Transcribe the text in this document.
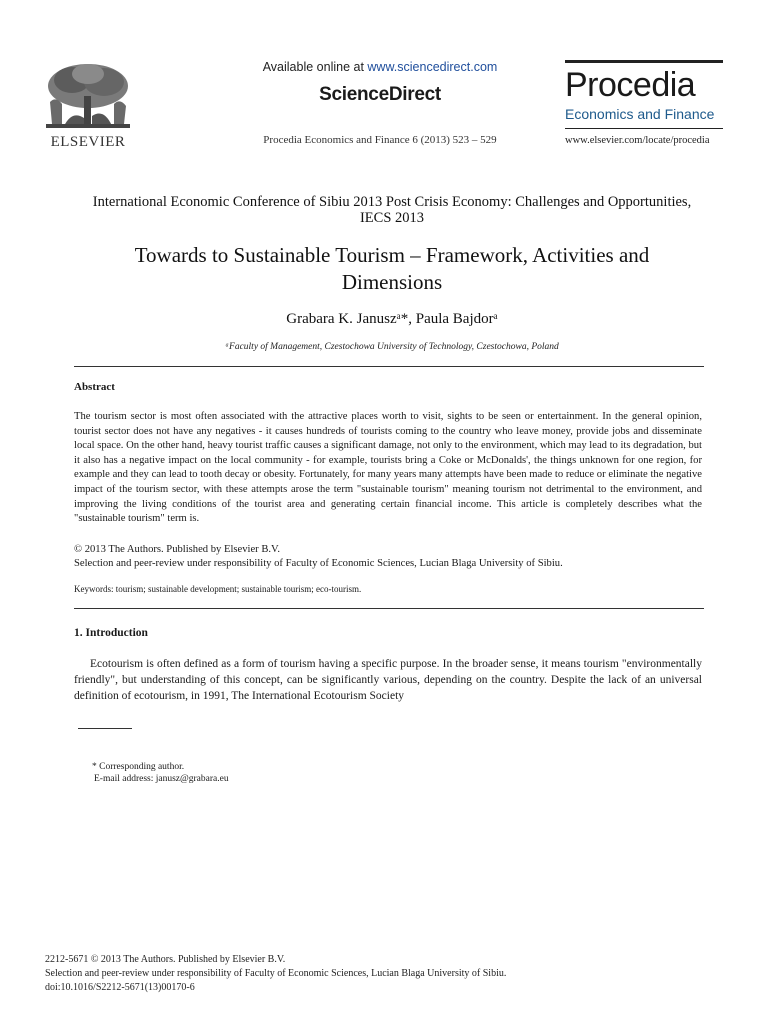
ELSEVIER
Available online at www.sciencedirect.com
ScienceDirect
Procedia Economics and Finance 6 (2013) 523 – 529
Procedia
Economics and Finance
www.elsevier.com/locate/procedia
International Economic Conference of Sibiu 2013 Post Crisis Economy: Challenges and Opportunities, IECS 2013
Towards to Sustainable Tourism – Framework, Activities and Dimensions
Grabara K. Januszᵃ*, Paula Bajdorᵃ
ᵃFaculty of Management, Czestochowa University of Technology, Czestochowa, Poland
Abstract
The tourism sector is most often associated with the attractive places worth to visit, sights to be seen or entertainment. In the general opinion, tourist sector does not have any negatives - it causes hundreds of tourists coming to the country who leave money, provide jobs and disseminate local space. On the other hand, heavy tourist traffic causes a significant damage, not only to the environment, which may lead to its degradation, but it also has a negative impact on the local community - for example, tourists bring a Coke or McDonalds', the things unknown for one region, for example and they can lead to tooth decay or obesity. Fortunately, for many years many attempts have been made to reduce or eliminate the negative impact of the tourism sector, with these attempts arose the term "sustainable tourism" meaning tourism not detrimental to the environment, and improving the living conditions of the tourist area and generating certain financial income. This article is completely describes what the "sustainable tourism" term is.
© 2013 The Authors. Published by Elsevier B.V.
Selection and peer-review under responsibility of Faculty of Economic Sciences, Lucian Blaga University of Sibiu.
Keywords: tourism; sustainable development; sustainable tourism; eco-tourism.
1. Introduction
Ecotourism is often defined as a form of tourism having a specific purpose. In the broader sense, it means tourism "environmentally friendly", but understanding of this concept, can be significantly various, depending on the country. Despite the lack of an universal definition of ecotourism, in 1991, The International Ecotourism Society
* Corresponding author.
E-mail address: janusz@grabara.eu
2212-5671 © 2013 The Authors. Published by Elsevier B.V.
Selection and peer-review under responsibility of Faculty of Economic Sciences, Lucian Blaga University of Sibiu.
doi:10.1016/S2212-5671(13)00170-6
